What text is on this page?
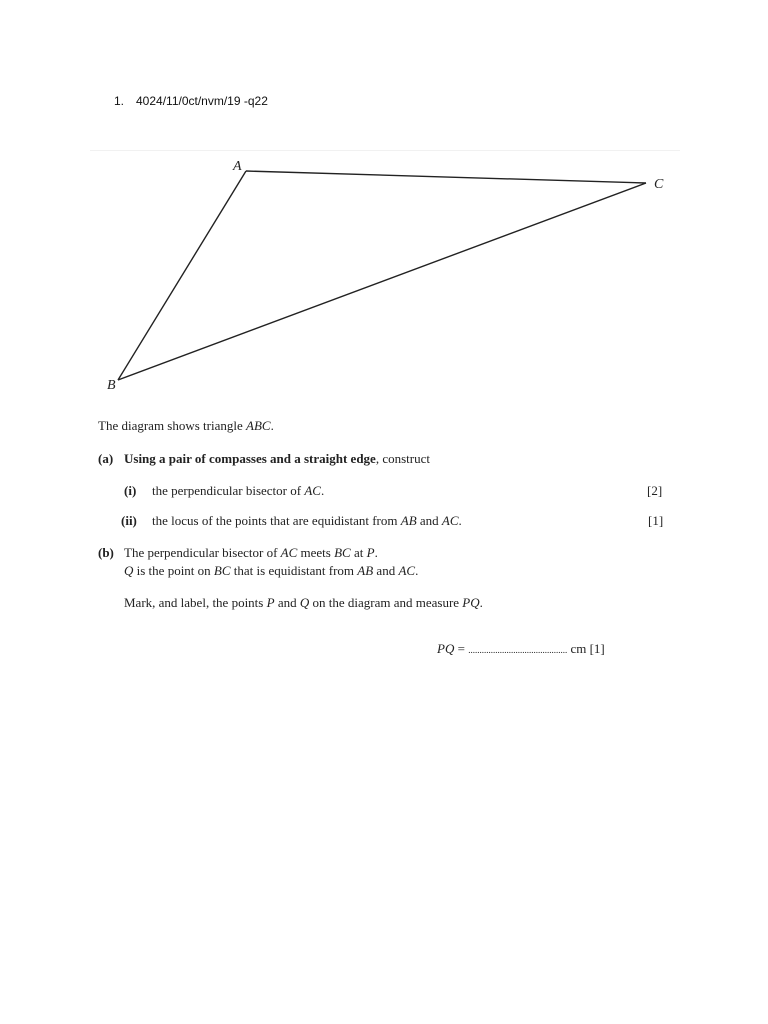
1. 4024/11/0ct/nvm/19 -q22
A
C
B
The diagram shows triangle ABC.
(a) Using a pair of compasses and a straight edge, construct
(i) the perpendicular bisector of AC.	[2]
(ii) the locus of the points that are equidistant from AB and AC.	[1]
(b) The perpendicular bisector of AC meets BC at P.
Q is the point on BC that is equidistant from AB and AC.
Mark, and label, the points P and Q on the diagram and measure PQ.
PQ = ............................................ cm [1]
